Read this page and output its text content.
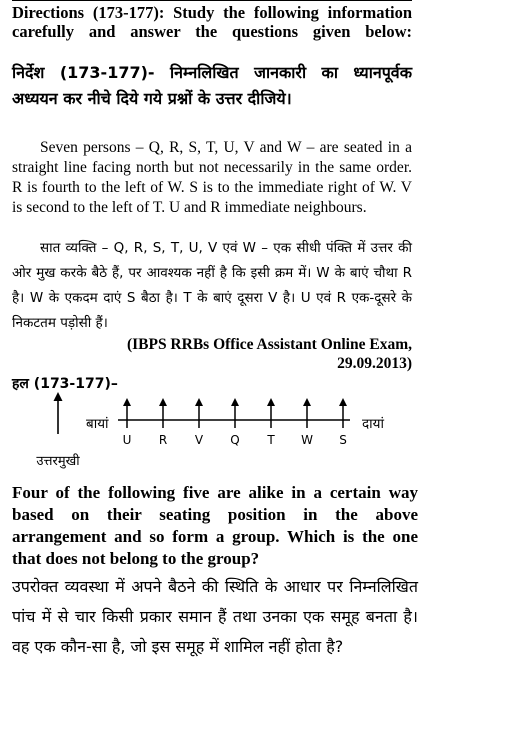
Directions (173-177): Study the following information carefully and answer the questions given below:
निर्देश (173-177)- निम्नलिखित जानकारी का ध्यानपूर्वक अध्ययन कर नीचे दिये गये प्रश्नों के उत्तर दीजिये।
Seven persons – Q, R, S, T, U, V and W – are seated in a straight line facing north but not necessarily in the same order. R is fourth to the left of W. S is to the immediate right of W. V is second to the left of T. U and R immediate neighbours.
सात व्यक्ति – Q, R, S, T, U, V एवं W – एक सीधी पंक्ति में उत्तर की ओर मुख करके बैठे हैं, पर आवश्यक नहीं है कि इसी क्रम में। W के बाएं चौथा R है। W के एकदम दाएं S बैठा है। T के बाएं दूसरा V है। U एवं R एक-दूसरे के निकटतम पड़ोसी हैं।
(IBPS RRBs Office Assistant Online Exam,
29.09.2013)
हल (173-177)–
उत्तरमुखी
बायां
U R V Q T W S
दायां
Four of the following five are alike in a certain way based on their seating position in the above arrangement and so form a group. Which is the one that does not belong to the group?
उपरोक्त व्यवस्था में अपने बैठने की स्थिति के आधार पर निम्नलिखित पांच में से चार किसी प्रकार समान हैं तथा उनका एक समूह बनता है। वह एक कौन-सा है, जो इस समूह में शामिल नहीं होता है?
